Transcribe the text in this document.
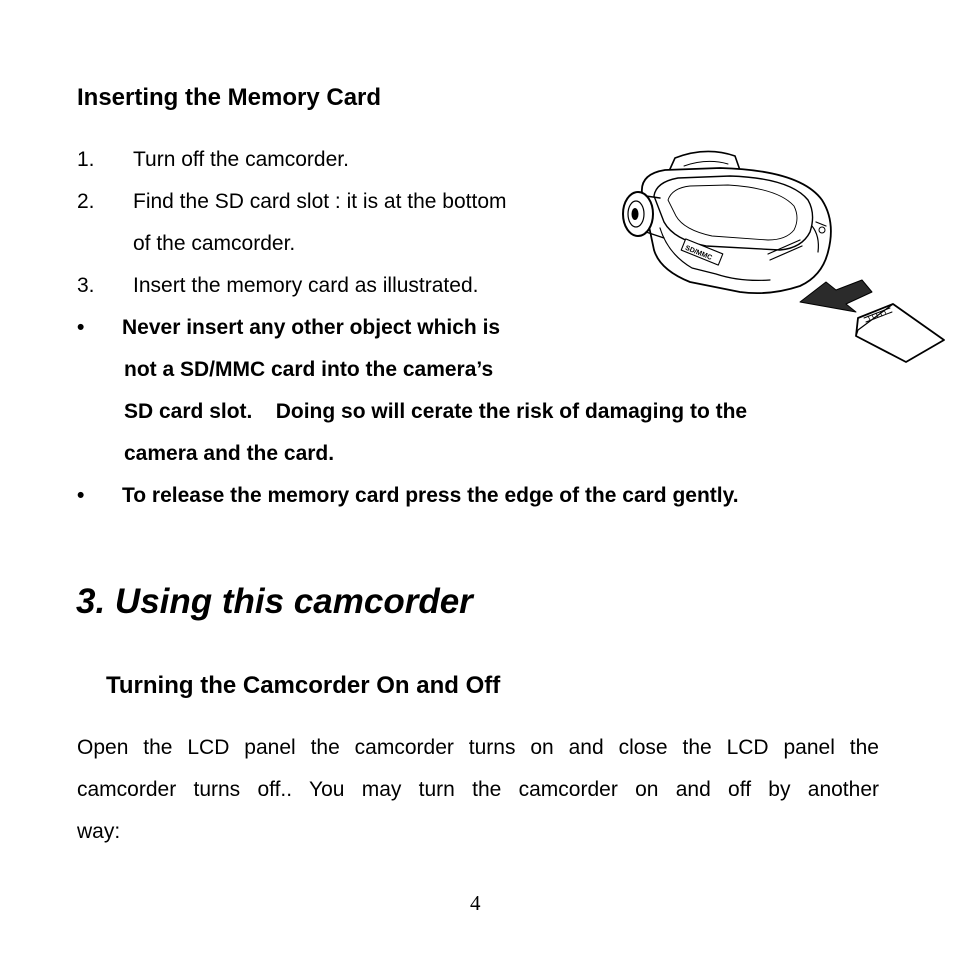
Inserting the Memory Card
1. Turn off the camcorder.
2. Find the SD card slot : it is at the bottom
of the camcorder.
3. Insert the memory card as illustrated.
• Never insert any other object which is
not a SD/MMC card into the camera’s
SD card slot.    Doing so will cerate the risk of damaging to the
camera and the card.
• To release the memory card press the edge of the card gently.
SD/MMC
3. Using this camcorder
Turning the Camcorder On and Off
Open the LCD panel the camcorder turns on and close the LCD panel the
camcorder turns off.. You may turn the camcorder on and off by another
way:
4
